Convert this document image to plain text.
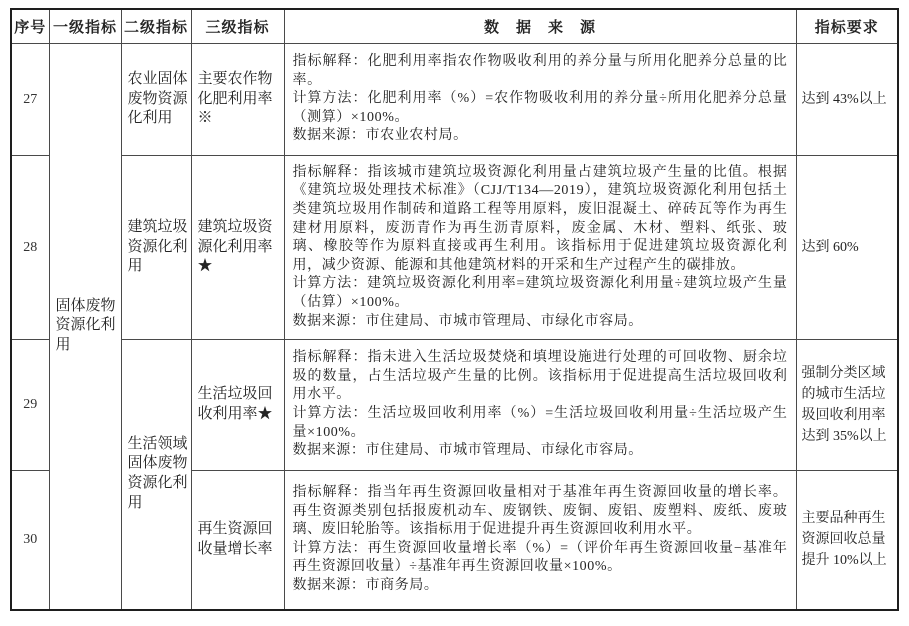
序号	一级指标	二级指标	三级指标	数　据　来　源	指标要求
27	固体废物资源化利用	农业固体废物资源化利用	主要农作物化肥利用率※	指标解释：化肥利用率指农作物吸收利用的养分量与所用化肥养分总量的比率。

计算方法：化肥利用率（%）=农作物吸收利用的养分量÷所用化肥养分总量（测算）×100%。

数据来源：市农业农村局。	达到 43%以上
28		建筑垃圾资源化利用	建筑垃圾资源化利用率★	指标解释：指该城市建筑垃圾资源化利用量占建筑垃圾产生量的比值。根据《建筑垃圾处理技术标准》（CJJ/T134—2019），建筑垃圾资源化利用包括土类建筑垃圾用作制砖和道路工程等用原料，废旧混凝土、碎砖瓦等作为再生建材用原料，废沥青作为再生沥青原料，废金属、木材、塑料、纸张、玻璃、橡胶等作为原料直接或再生利用。该指标用于促进建筑垃圾资源化利用，减少资源、能源和其他建筑材料的开采和生产过程产生的碳排放。

计算方法：建筑垃圾资源化利用率=建筑垃圾资源化利用量÷建筑垃圾产生量（估算）×100%。

数据来源：市住建局、市城市管理局、市绿化市容局。	达到 60%
29		生活领域固体废物资源化利用	生活垃圾回收利用率★	指标解释：指未进入生活垃圾焚烧和填埋设施进行处理的可回收物、厨余垃圾的数量，占生活垃圾产生量的比例。该指标用于促进提高生活垃圾回收利用水平。

计算方法：生活垃圾回收利用率（%）=生活垃圾回收利用量÷生活垃圾产生量×100%。

数据来源：市住建局、市城市管理局、市绿化市容局。	强制分类区域的城市生活垃圾回收利用率达到 35%以上
30			再生资源回收量增长率	指标解释：指当年再生资源回收量相对于基准年再生资源回收量的增长率。再生资源类别包括报废机动车、废钢铁、废铜、废铝、废塑料、废纸、废玻璃、废旧轮胎等。该指标用于促进提升再生资源回收利用水平。

计算方法：再生资源回收量增长率（%）=（评价年再生资源回收量−基准年再生资源回收量）÷基准年再生资源回收量×100%。

数据来源：市商务局。	主要品种再生资源回收总量提升 10%以上
